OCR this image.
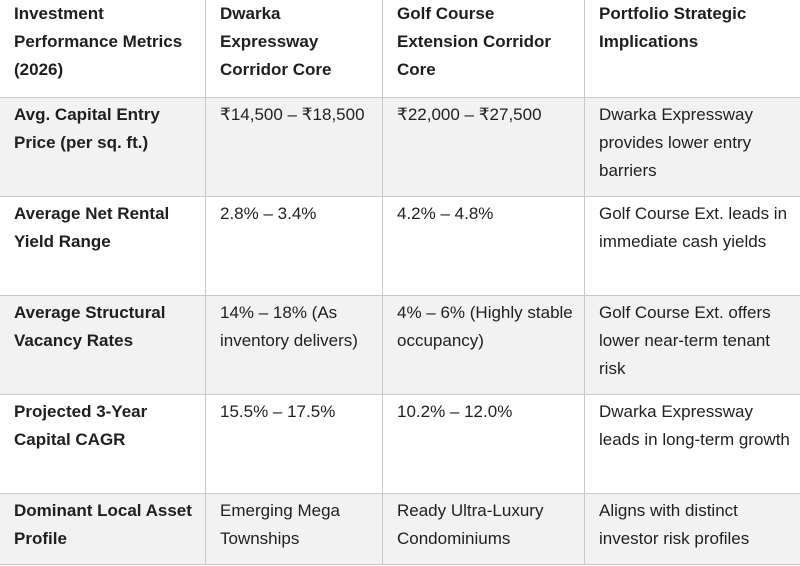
Investment Performance Metrics (2026)	Dwarka Expressway Corridor Core	Golf Course Extension Corridor Core	Portfolio Strategic Implications
Avg. Capital Entry Price (per sq. ft.)	₹14,500 – ₹18,500	₹22,000 – ₹27,500	Dwarka Expressway provides lower entry barriers
Average Net Rental Yield Range	2.8% – 3.4%	4.2% – 4.8%	Golf Course Ext. leads in immediate cash yields
Average Structural Vacancy Rates	14% – 18% (As inventory delivers)	4% – 6% (Highly stable occupancy)	Golf Course Ext. offers lower near-term tenant risk
Projected 3-Year Capital CAGR	15.5% – 17.5%	10.2% – 12.0%	Dwarka Expressway leads in long-term growth
Dominant Local Asset Profile	Emerging Mega Townships	Ready Ultra-Luxury Condominiums	Aligns with distinct investor risk profiles
